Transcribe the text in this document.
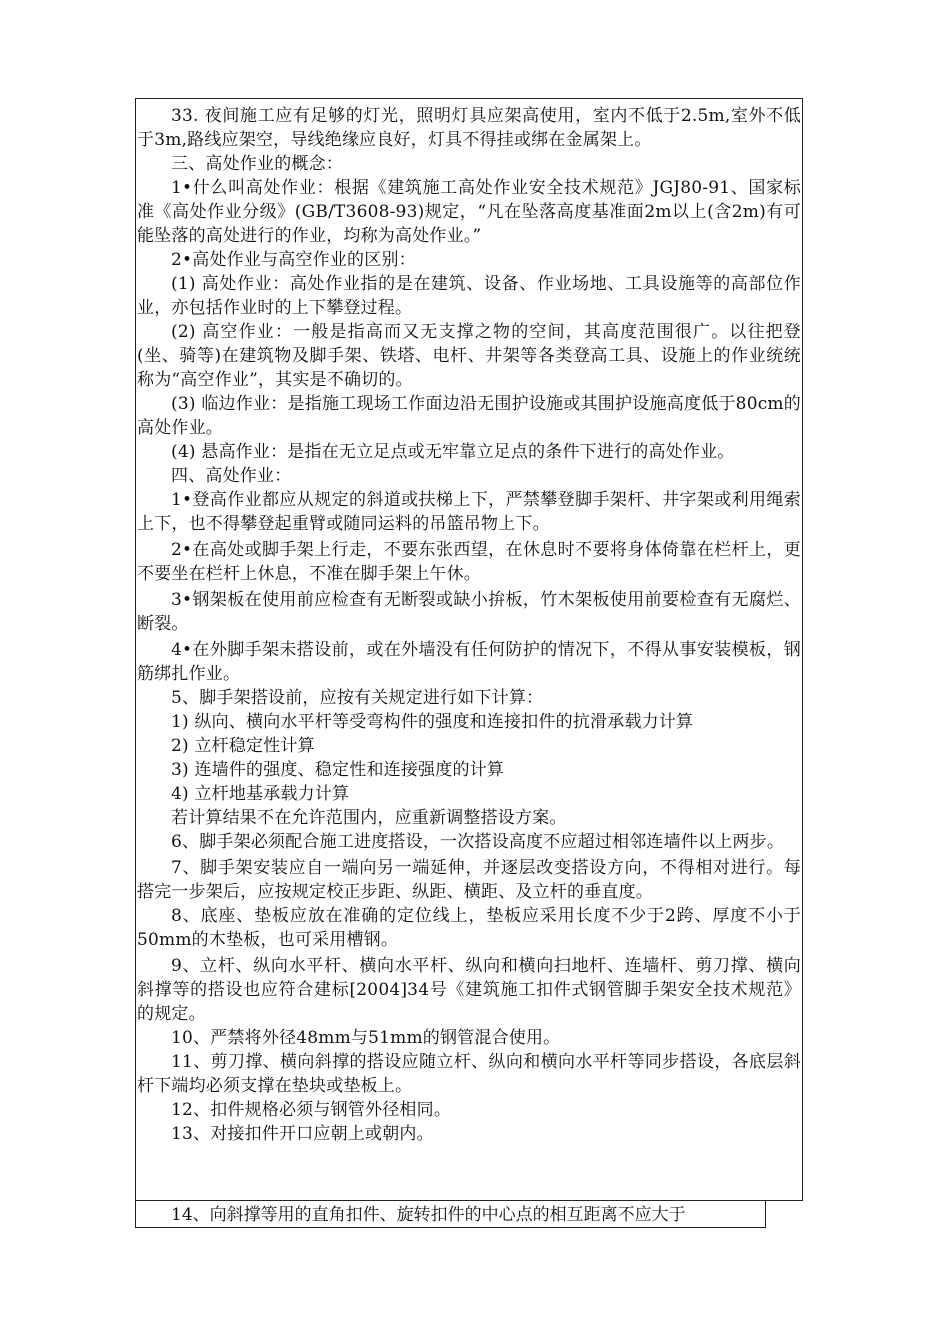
33. 夜间施工应有足够的灯光，照明灯具应架高使用，室内不低于2.5m,室外不低于3m,路线应架空，导线绝缘应良好，灯具不得挂或绑在金属架上。

三、高处作业的概念：

1•什么叫高处作业：根据《建筑施工高处作业安全技术规范》JGJ80-91、国家标准《高处作业分级》(GB/T3608-93)规定，“凡在坠落高度基准面2m以上(含2m)有可能坠落的高处进行的作业，均称为高处作业。”

2•高处作业与高空作业的区别：

(1) 高处作业：高处作业指的是在建筑、设备、作业场地、工具设施等的高部位作业，亦包括作业时的上下攀登过程。

(2) 高空作业：一般是指高而又无支撑之物的空间，其高度范围很广。以往把登(坐、骑等)在建筑物及脚手架、铁塔、电杆、井架等各类登高工具、设施上的作业统统称为“高空作业”，其实是不确切的。

(3) 临边作业：是指施工现场工作面边沿无围护设施或其围护设施高度低于80cm的高处作业。

(4) 悬高作业：是指在无立足点或无牢靠立足点的条件下进行的高处作业。

四、高处作业：

1•登高作业都应从规定的斜道或扶梯上下，严禁攀登脚手架杆、井字架或利用绳索上下，也不得攀登起重臂或随同运料的吊篮吊物上下。

2•在高处或脚手架上行走，不要东张西望，在休息时不要将身体倚靠在栏杆上，更不要坐在栏杆上休息，不准在脚手架上午休。

3•钢架板在使用前应检查有无断裂或缺小拚板，竹木架板使用前要检查有无腐烂、断裂。

4•在外脚手架未搭设前，或在外墙没有任何防护的情况下，不得从事安装模板，钢筋绑扎作业。

5、脚手架搭设前，应按有关规定进行如下计算：

1) 纵向、横向水平杆等受弯构件的强度和连接扣件的抗滑承载力计算

2) 立杆稳定性计算

3) 连墙件的强度、稳定性和连接强度的计算

4) 立杆地基承载力计算

若计算结果不在允许范围内，应重新调整搭设方案。

6、脚手架必须配合施工进度搭设，一次搭设高度不应超过相邻连墙件以上两步。

7、脚手架安装应自一端向另一端延伸，并逐层改变搭设方向，不得相对进行。每搭完一步架后，应按规定校正步距、纵距、横距、及立杆的垂直度。

8、底座、垫板应放在准确的定位线上，垫板应采用长度不少于2跨、厚度不小于50mm的木垫板，也可采用槽钢。

9、立杆、纵向水平杆、横向水平杆、纵向和横向扫地杆、连墙杆、剪刀撑、横向斜撑等的搭设也应符合建标[2004]34号《建筑施工扣件式钢管脚手架安全技术规范》的规定。

10、严禁将外径48mm与51mm的钢管混合使用。

11、剪刀撑、横向斜撑的搭设应随立杆、纵向和横向水平杆等同步搭设，各底层斜杆下端均必须支撑在垫块或垫板上。

12、扣件规格必须与钢管外径相同。

13、对接扣件开口应朝上或朝内。

14、向斜撑等用的直角扣件、旋转扣件的中心点的相互距离不应大于
